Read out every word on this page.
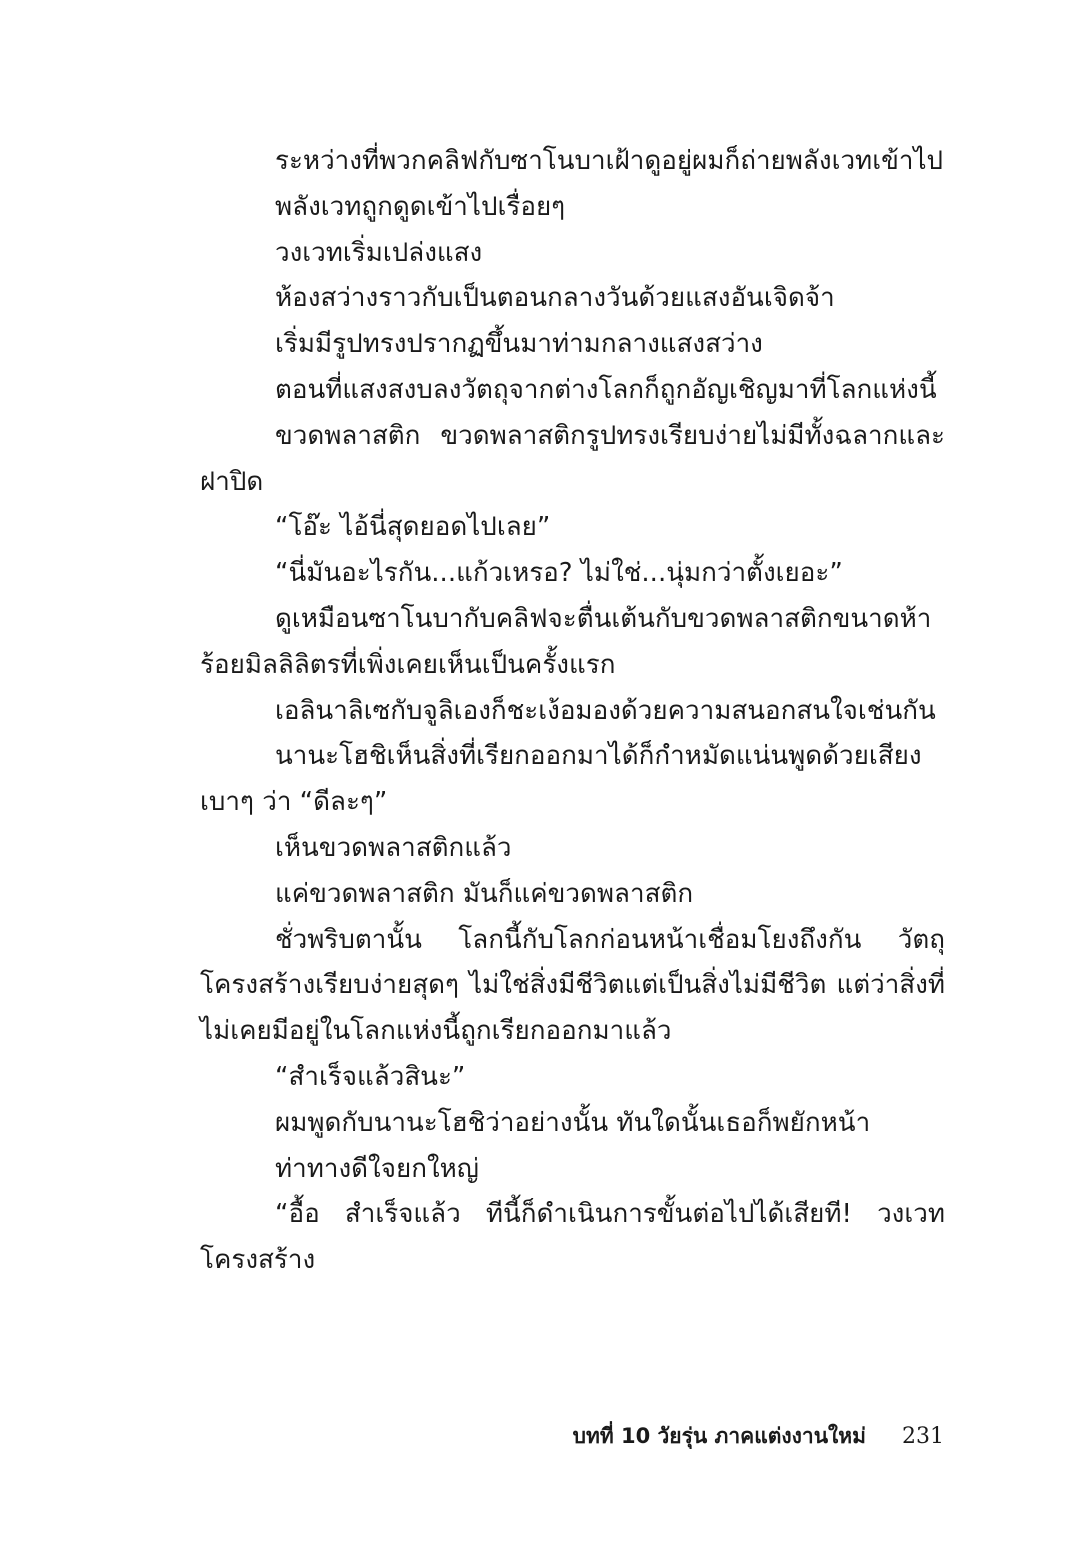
ระหว่างที่พวกคลิฟกับซาโนบาเฝ้าดูอยู่ผมก็ถ่ายพลังเวทเข้าไป

พลังเวทถูกดูดเข้าไปเรื่อยๆ

วงเวทเริ่มเปล่งแสง

ห้องสว่างราวกับเป็นตอนกลางวันด้วยแสงอันเจิดจ้า

เริ่มมีรูปทรงปรากฏขึ้นมาท่ามกลางแสงสว่าง

ตอนที่แสงสงบลงวัตถุจากต่างโลกก็ถูกอัญเชิญมาที่โลกแห่งนี้

ขวดพลาสติก ขวดพลาสติกรูปทรงเรียบง่ายไม่มีทั้งฉลากและฝาปิด

“โอ๊ะ ไอ้นี่สุดยอดไปเลย”

“นี่มันอะไรกัน...แก้วเหรอ? ไม่ใช่...นุ่มกว่าตั้งเยอะ”

ดูเหมือนซาโนบากับคลิฟจะตื่นเต้นกับขวดพลาสติกขนาดห้าร้อยมิลลิลิตรที่เพิ่งเคยเห็นเป็นครั้งแรก

เอลินาลิเซกับจูลิเองก็ชะเง้อมองด้วยความสนอกสนใจเช่นกัน

นานะโฮชิเห็นสิ่งที่เรียกออกมาได้ก็กำหมัดแน่นพูดด้วยเสียงเบาๆ ว่า “ดีละๆ”

เห็นขวดพลาสติกแล้ว

แค่ขวดพลาสติก มันก็แค่ขวดพลาสติก

ชั่วพริบตานั้น โลกนี้กับโลกก่อนหน้าเชื่อมโยงถึงกัน วัตถุโครงสร้างเรียบง่ายสุดๆ ไม่ใช่สิ่งมีชีวิตแต่เป็นสิ่งไม่มีชีวิต แต่ว่าสิ่งที่ไม่เคยมีอยู่ในโลกแห่งนี้ถูกเรียกออกมาแล้ว

“สำเร็จแล้วสินะ”

ผมพูดกับนานะโฮชิว่าอย่างนั้น ทันใดนั้นเธอก็พยักหน้า

ท่าทางดีใจยกใหญ่

“อื้อ สำเร็จแล้ว ทีนี้ก็ดำเนินการขั้นต่อไปได้เสียที! วงเวทโครงสร้าง

บทที่ 10 วัยรุ่น ภาคแต่งงานใหม่ 231
